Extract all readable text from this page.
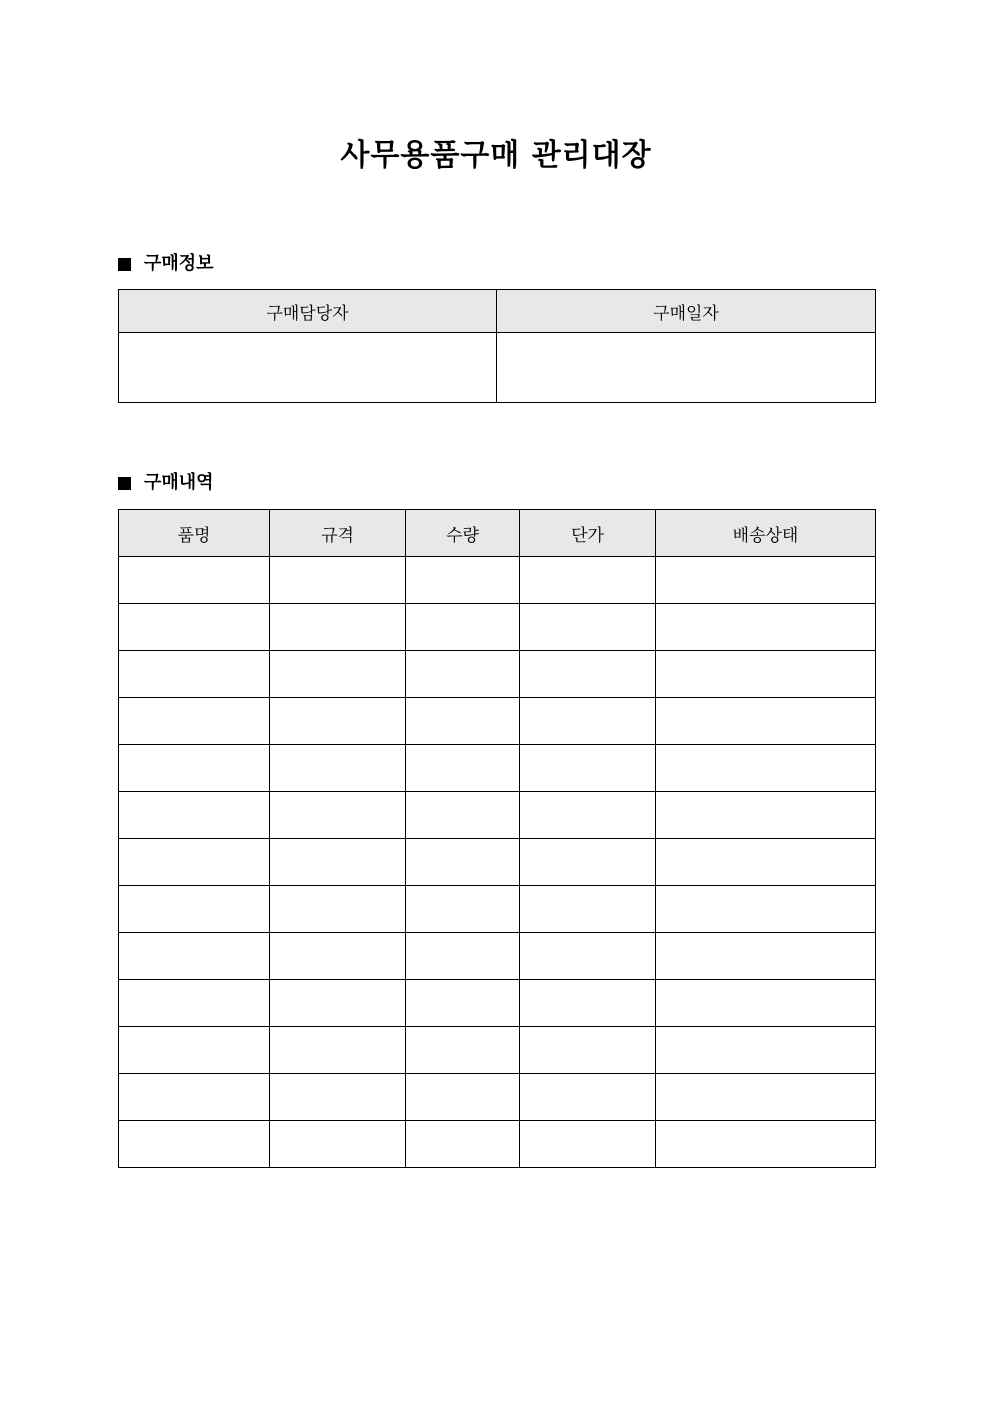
사무용품구매 관리대장
구매정보
구매담당자	구매일자

구매내역
품명	규격	수량	단가	배송상태
